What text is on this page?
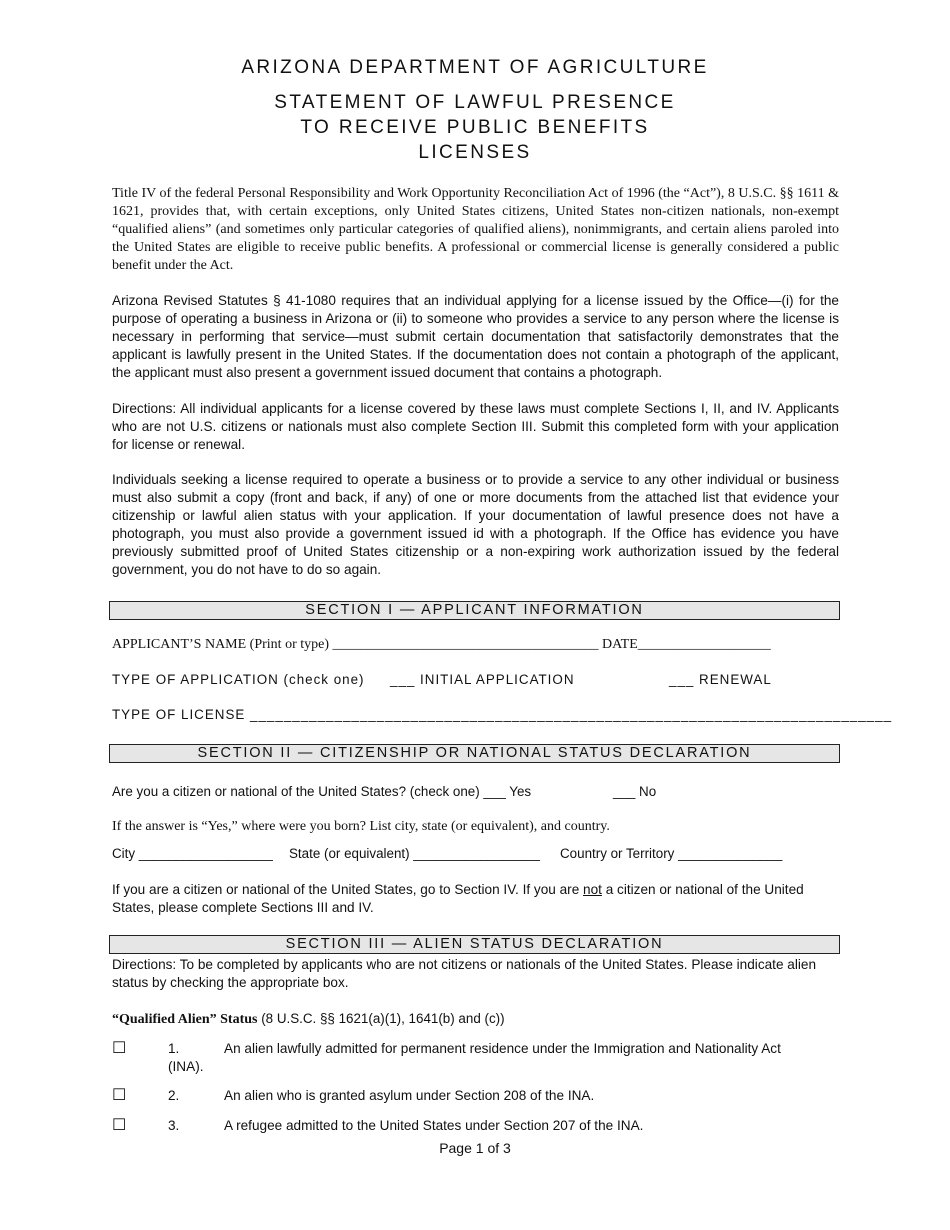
ARIZONA DEPARTMENT OF AGRICULTURE
STATEMENT OF LAWFUL PRESENCE
TO RECEIVE PUBLIC BENEFITS
LICENSES
Title IV of the federal Personal Responsibility and Work Opportunity Reconciliation Act of 1996 (the “Act”), 8 U.S.C. §§ 1611 & 1621, provides that, with certain exceptions, only United States citizens, United States non-citizen nationals, non-exempt “qualified aliens” (and sometimes only particular categories of qualified aliens), nonimmigrants, and certain aliens paroled into the United States are eligible to receive public benefits. A professional or commercial license is generally considered a public benefit under the Act.
Arizona Revised Statutes § 41-1080 requires that an individual applying for a license issued by the Office—(i) for the purpose of operating a business in Arizona or (ii) to someone who provides a service to any person where the license is necessary in performing that service—must submit certain documentation that satisfactorily demonstrates that the applicant is lawfully present in the United States. If the documentation does not contain a photograph of the applicant, the applicant must also present a government issued document that contains a photograph.
Directions: All individual applicants for a license covered by these laws must complete Sections I, II, and IV. Applicants who are not U.S. citizens or nationals must also complete Section III. Submit this completed form with your application for license or renewal.
Individuals seeking a license required to operate a business or to provide a service to any other individual or business must also submit a copy (front and back, if any) of one or more documents from the attached list that evidence your citizenship or lawful alien status with your application. If your documentation of lawful presence does not have a photograph, you must also provide a government issued id with a photograph. If the Office has evidence you have previously submitted proof of United States citizenship or a non-expiring work authorization issued by the federal government, you do not have to do so again.
SECTION I — APPLICANT INFORMATION
APPLICANT’S NAME (Print or type) ______________________________________ DATE___________________
TYPE OF APPLICATION (check one) ___ INITIAL APPLICATION	___ RENEWAL
TYPE OF LICENSE ____________________________________________________________________________
SECTION II — CITIZENSHIP OR NATIONAL STATUS DECLARATION
Are you a citizen or national of the United States? (check one) ___ Yes	___ No
If the answer is “Yes,” where were you born? List city, state (or equivalent), and country.
City __________________ State (or equivalent) _________________ Country or Territory ______________
If you are a citizen or national of the United States, go to Section IV. If you are not a citizen or national of the United States, please complete Sections III and IV.
SECTION III — ALIEN STATUS DECLARATION
Directions: To be completed by applicants who are not citizens or nationals of the United States. Please indicate alien status by checking the appropriate box.
“Qualified Alien” Status (8 U.S.C. §§ 1621(a)(1), 1641(b) and (c))
☐	1.	An alien lawfully admitted for permanent residence under the Immigration and Nationality Act
(INA).
☐	2.	An alien who is granted asylum under Section 208 of the INA.
☐	3.	A refugee admitted to the United States under Section 207 of the INA.
Page 1 of 3
